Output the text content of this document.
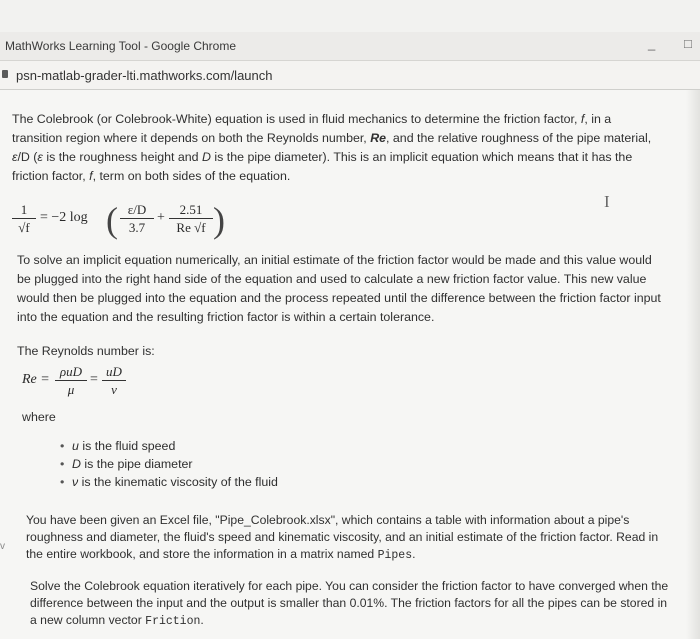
MathWorks Learning Tool - Google Chrome	_ □
psn-matlab-grader-lti.mathworks.com/launch

The Colebrook (or Colebrook-White) equation is used in fluid mechanics to determine the friction factor, f, in a transition region where it depends on both the Reynolds number, Re, and the relative roughness of the pipe material, ε/D (ε is the roughness height and D is the pipe diameter). This is an implicit equation which means that it has the friction factor, f, term on both sides of the equation.

1
√f
= −2 log ( ε/D
3.7
+
2.51
Re √f )	I

To solve an implicit equation numerically, an initial estimate of the friction factor would be made and this value would be plugged into the right hand side of the equation and used to calculate a new friction factor value. This new value would then be plugged into the equation and the process repeated until the difference between the friction factor input into the equation and the resulting friction factor is within a certain tolerance.

The Reynolds number is:

Re =
ρuD
μ
=
uD
ν

where

• u is the fluid speed
• D is the pipe diameter
• ν is the kinematic viscosity of the fluid
v

You have been given an Excel file, "Pipe_Colebrook.xlsx", which contains a table with information about a pipe's roughness and diameter, the fluid's speed and kinematic viscosity, and an initial estimate of the friction factor. Read in the entire workbook, and store the information in a matrix named Pipes.

Solve the Colebrook equation iteratively for each pipe. You can consider the friction factor to have converged when the difference between the input and the output is smaller than 0.01%. The friction factors for all the pipes can be stored in a new column vector Friction.
